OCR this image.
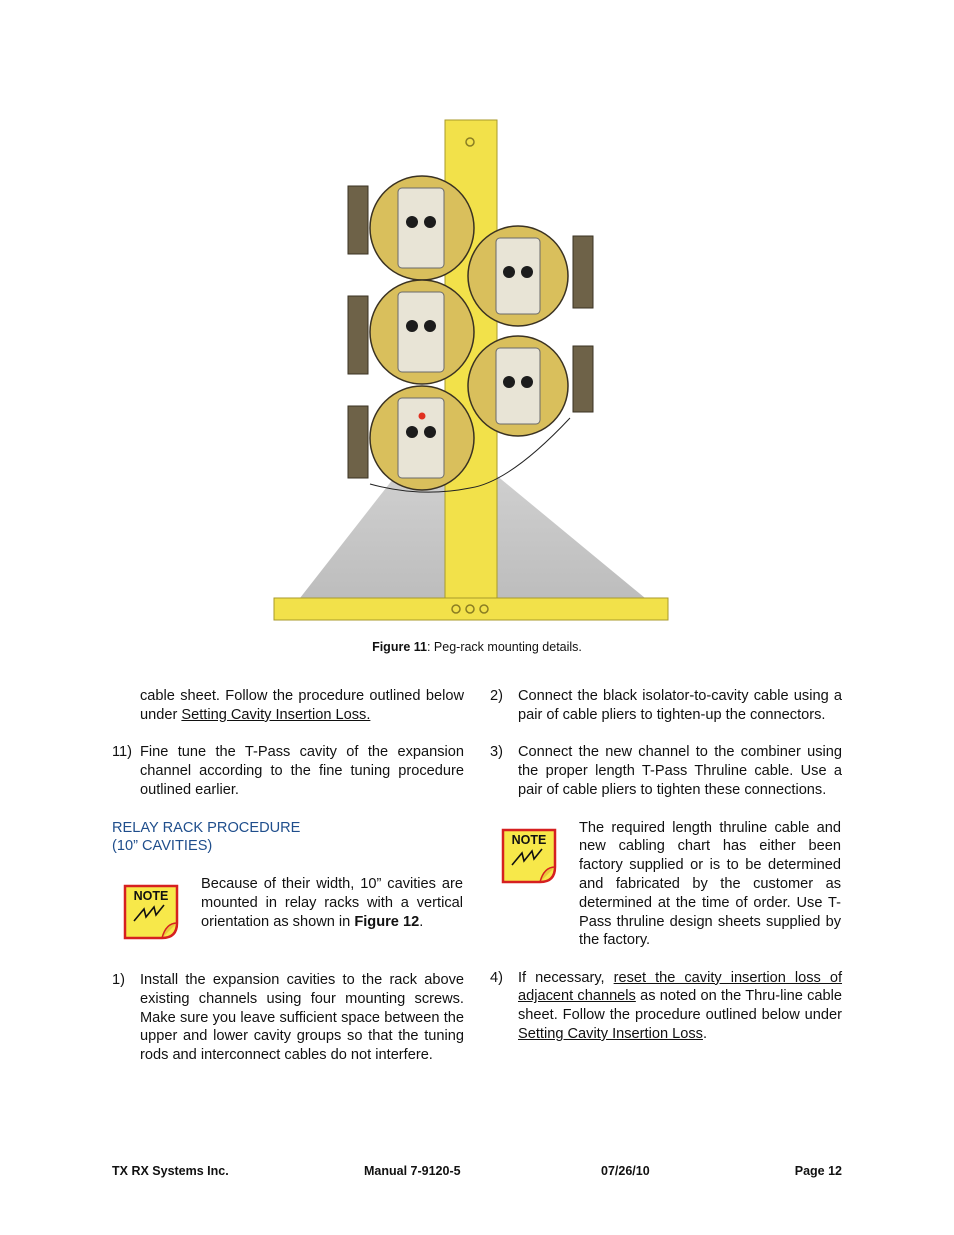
Figure 11: Peg-rack mounting details.

cable sheet. Follow the procedure outlined below under Setting Cavity Insertion Loss.

11) Fine tune the T-Pass cavity of the expansion channel according to the fine tuning procedure outlined earlier.

RELAY RACK PROCEDURE
(10” CAVITIES)

NOTE

Because of their width, 10” cavities are mounted in relay racks with a vertical orientation as shown in Figure 12.

1) Install the expansion cavities to the rack above existing channels using four mounting screws. Make sure you leave sufficient space between the upper and lower cavity groups so that the tuning rods and interconnect cables do not interfere.

2) Connect the black isolator-to-cavity cable using a pair of cable pliers to tighten-up the connectors.

3) Connect the new channel to the combiner using the proper length T-Pass Thruline cable. Use a pair of cable pliers to tighten these connections.

NOTE

The required length thruline cable and new cabling chart has either been factory supplied or is to be determined and fabricated by the customer as determined at the time of order. Use T-Pass thruline design sheets supplied by the factory.

4) If necessary, reset the cavity insertion loss of adjacent channels as noted on the Thru-line cable sheet. Follow the procedure outlined below under Setting Cavity Insertion Loss.

TX RX Systems Inc.	Manual 7-9120-5	07/26/10	Page 12
